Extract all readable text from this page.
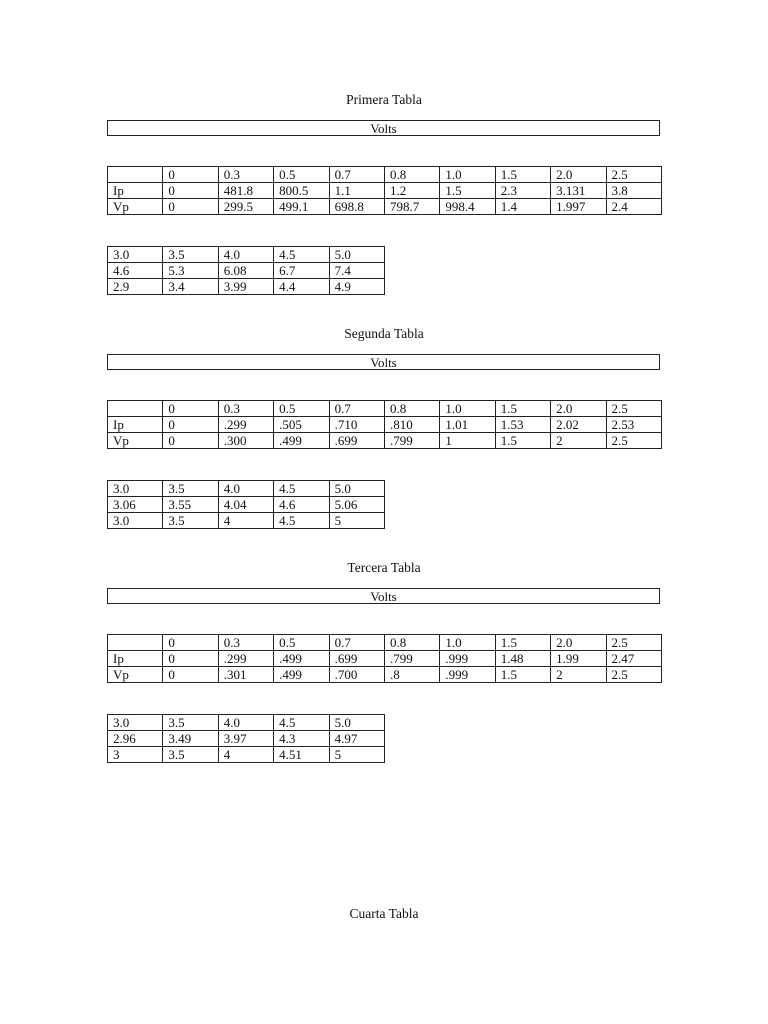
Primera Tabla
Volts
	0	0.3	0.5	0.7	0.8	1.0	1.5	2.0	2.5
Ip	0	481.8	800.5	1.1	1.2	1.5	2.3	3.131	3.8
Vp	0	299.5	499.1	698.8	798.7	998.4	1.4	1.997	2.4
3.0	3.5	4.0	4.5	5.0
4.6	5.3	6.08	6.7	7.4
2.9	3.4	3.99	4.4	4.9
Segunda Tabla
Volts
	0	0.3	0.5	0.7	0.8	1.0	1.5	2.0	2.5
Ip	0	.299	.505	.710	.810	1.01	1.53	2.02	2.53
Vp	0	.300	.499	.699	.799	1	1.5	2	2.5
3.0	3.5	4.0	4.5	5.0
3.06	3.55	4.04	4.6	5.06
3.0	3.5	4	4.5	5
Tercera Tabla
Volts
	0	0.3	0.5	0.7	0.8	1.0	1.5	2.0	2.5
Ip	0	.299	.499	.699	.799	.999	1.48	1.99	2.47
Vp	0	.301	.499	.700	.8	.999	1.5	2	2.5
3.0	3.5	4.0	4.5	5.0
2.96	3.49	3.97	4.3	4.97
3	3.5	4	4.51	5
Cuarta Tabla
